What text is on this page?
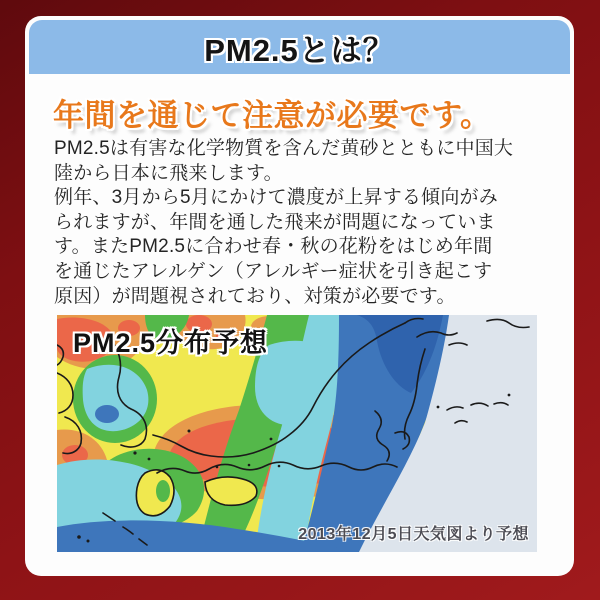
PM2.5とは？
年間を通じて注意が必要です。
PM2.5は有害な化学物質を含んだ黄砂とともに中国大
陸から日本に飛来します。
例年、3月から5月にかけて濃度が上昇する傾向がみ
られますが、年間を通した飛来が問題になっていま
す。またPM2.5に合わせ春・秋の花粉をはじめ年間
を通じたアレルゲン（アレルギー症状を引き起こす
原因）が問題視されており、対策が必要です。
PM2.5分布予想
2013年12月5日天気図より予想
